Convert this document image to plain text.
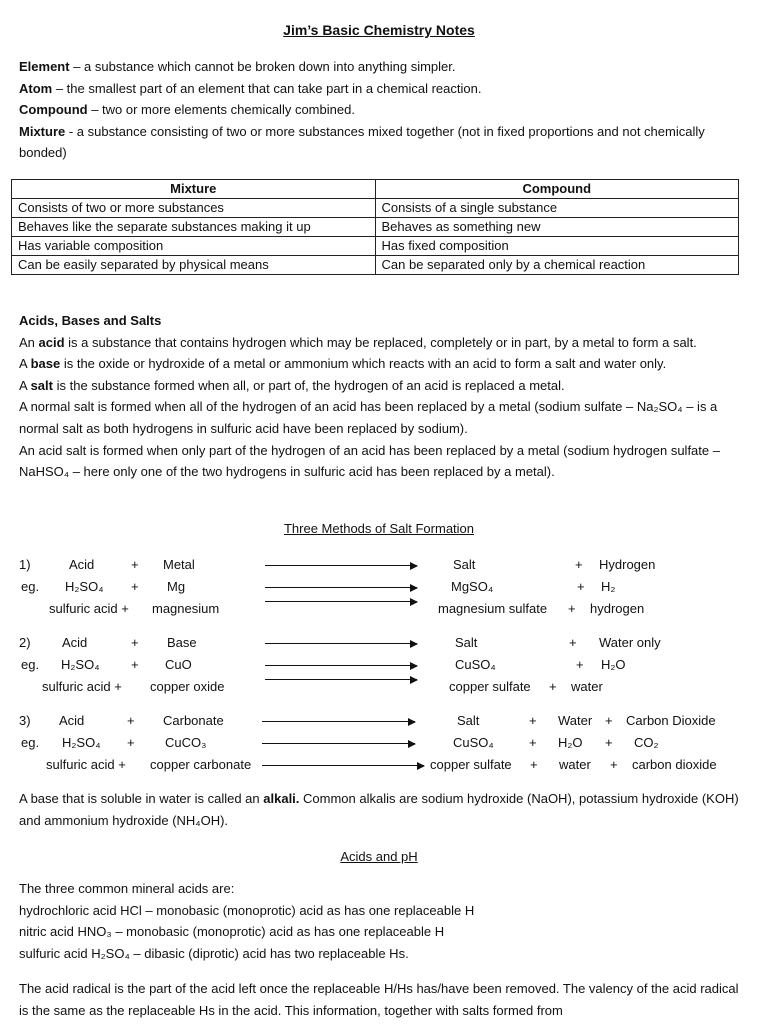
Jim’s Basic Chemistry Notes

Element – a substance which cannot be broken down into anything simpler.

Atom – the smallest part of an element that can take part in a chemical reaction.

Compound – two or more elements chemically combined.

Mixture - a substance consisting of two or more substances mixed together (not in fixed proportions and not chemically bonded)

Mixture	Compound
Consists of two or more substances	Consists of a single substance
Behaves like the separate substances making it up	Behaves as something new
Has variable composition	Has fixed composition
Can be easily separated by physical means	Can be separated only by a chemical reaction

Acids, Bases and Salts

An acid is a substance that contains hydrogen which may be replaced, completely or in part, by a metal to form a salt.

A base is the oxide or hydroxide of a metal or ammonium which reacts with an acid to form a salt and water only.

A salt is the substance formed when all, or part of, the hydrogen of an acid is replaced a metal.

A normal salt is formed when all of the hydrogen of an acid has been replaced by a metal (sodium sulfate – Na₂SO₄ – is a normal salt as both hydrogens in sulfuric acid have been replaced by sodium).

An acid salt is formed when only part of the hydrogen of an acid has been replaced by a metal (sodium hydrogen sulfate – NaHSO₄ – here only one of the two hydrogens in sulfuric acid has been replaced by a metal).

Three Methods of Salt Formation
1)	Acid	+ Metal	Salt	+ Hydrogen
eg. H₂SO₄ + Mg	MgSO₄	+ H₂
sulfuric acid + magnesium	magnesium sulfate + hydrogen
2) Acid	+ Base	Salt	+ Water only
eg. H₂SO₄ + CuO	CuSO₄	+ H₂O
sulfuric acid + copper oxide	copper sulfate + water
3) Acid	+ Carbonate	Salt	+ Water + Carbon Dioxide
eg. H₂SO₄ + CuCO₃	CuSO₄	+ H₂O + CO₂
sulfuric acid + copper carbonate	copper sulfate + water + carbon dioxide

A base that is soluble in water is called an alkali. Common alkalis are sodium hydroxide (NaOH), potassium hydroxide (KOH) and ammonium hydroxide (NH₄OH).

Acids and pH

The three common mineral acids are:

hydrochloric acid HCl – monobasic (monoprotic) acid as has one replaceable H

nitric acid HNO₃ – monobasic (monoprotic) acid as has one replaceable H

sulfuric acid H₂SO₄ – dibasic (diprotic) acid has two replaceable Hs.

The acid radical is the part of the acid left once the replaceable H/Hs has/have been removed. The valency of the acid radical is the same as the replaceable Hs in the acid. This information, together with salts formed from
